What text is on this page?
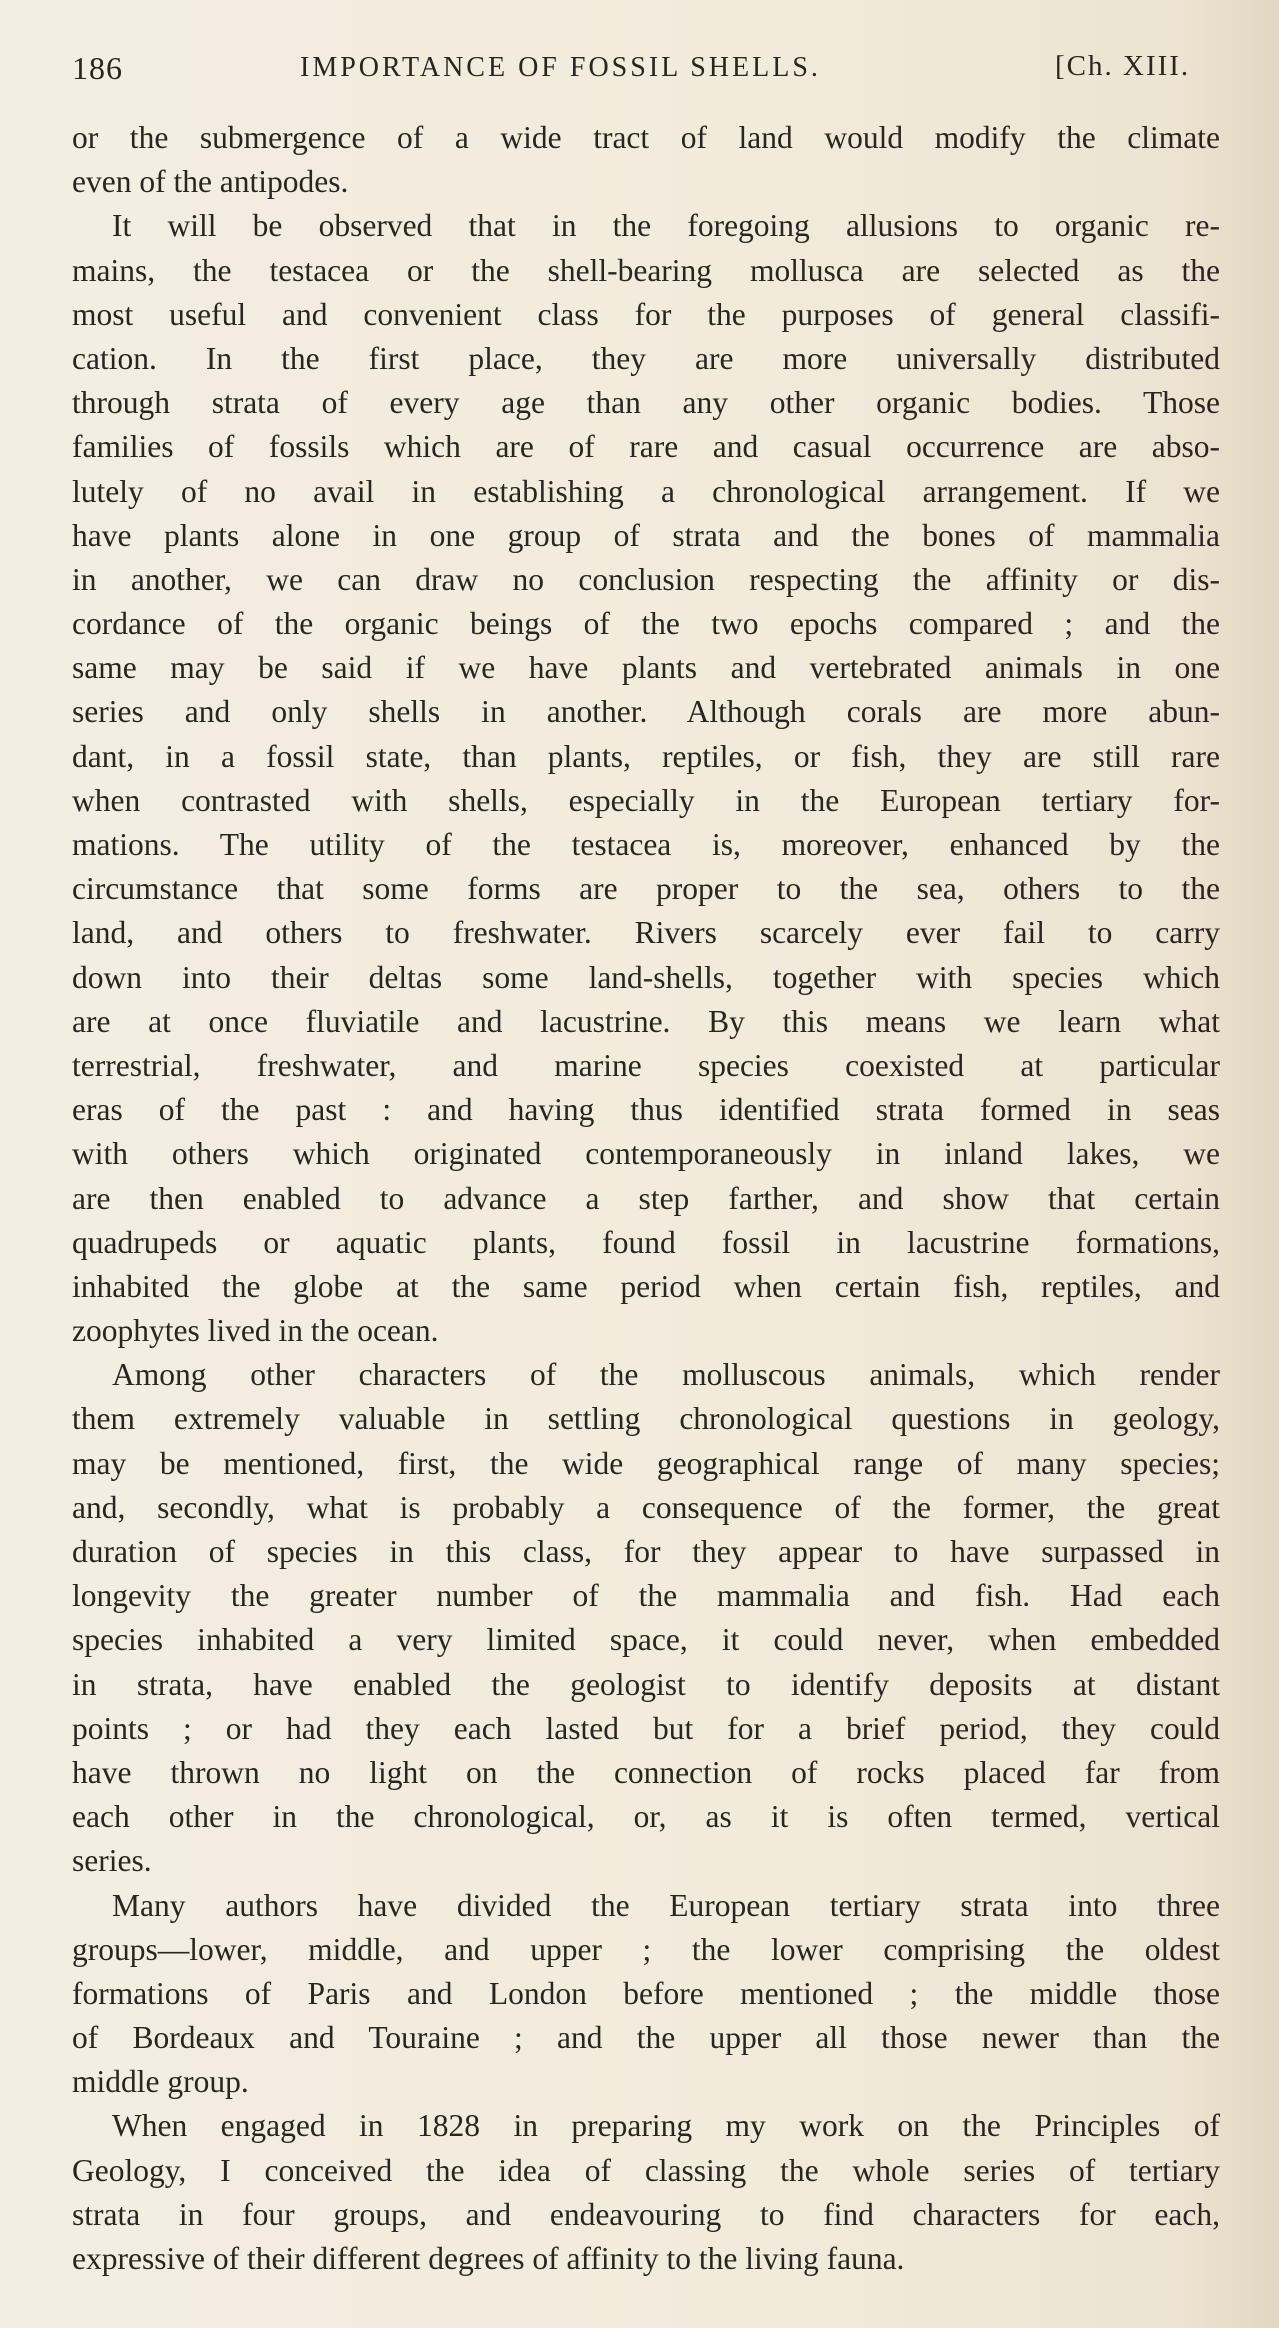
186	IMPORTANCE OF FOSSIL SHELLS.	[Ch. XIII.
or the submergence of a wide tract of land would modify the climate
even of the antipodes.
It will be observed that in the foregoing allusions to organic re-
mains, the testacea or the shell-bearing mollusca are selected as the
most useful and convenient class for the purposes of general classifi-
cation. In the first place, they are more universally distributed
through strata of every age than any other organic bodies. Those
families of fossils which are of rare and casual occurrence are abso-
lutely of no avail in establishing a chronological arrangement. If we
have plants alone in one group of strata and the bones of mammalia
in another, we can draw no conclusion respecting the affinity or dis-
cordance of the organic beings of the two epochs compared ; and the
same may be said if we have plants and vertebrated animals in one
series and only shells in another. Although corals are more abun-
dant, in a fossil state, than plants, reptiles, or fish, they are still rare
when contrasted with shells, especially in the European tertiary for-
mations. The utility of the testacea is, moreover, enhanced by the
circumstance that some forms are proper to the sea, others to the
land, and others to freshwater. Rivers scarcely ever fail to carry
down into their deltas some land-shells, together with species which
are at once fluviatile and lacustrine. By this means we learn what
terrestrial, freshwater, and marine species coexisted at particular
eras of the past : and having thus identified strata formed in seas
with others which originated contemporaneously in inland lakes, we
are then enabled to advance a step farther, and show that certain
quadrupeds or aquatic plants, found fossil in lacustrine formations,
inhabited the globe at the same period when certain fish, reptiles, and
zoophytes lived in the ocean.
Among other characters of the molluscous animals, which render
them extremely valuable in settling chronological questions in geology,
may be mentioned, first, the wide geographical range of many species;
and, secondly, what is probably a consequence of the former, the great
duration of species in this class, for they appear to have surpassed in
longevity the greater number of the mammalia and fish. Had each
species inhabited a very limited space, it could never, when embedded
in strata, have enabled the geologist to identify deposits at distant
points ; or had they each lasted but for a brief period, they could
have thrown no light on the connection of rocks placed far from
each other in the chronological, or, as it is often termed, vertical
series.
Many authors have divided the European tertiary strata into three
groups—lower, middle, and upper ; the lower comprising the oldest
formations of Paris and London before mentioned ; the middle those
of Bordeaux and Touraine ; and the upper all those newer than the
middle group.
When engaged in 1828 in preparing my work on the Principles of
Geology, I conceived the idea of classing the whole series of tertiary
strata in four groups, and endeavouring to find characters for each,
expressive of their different degrees of affinity to the living fauna.
